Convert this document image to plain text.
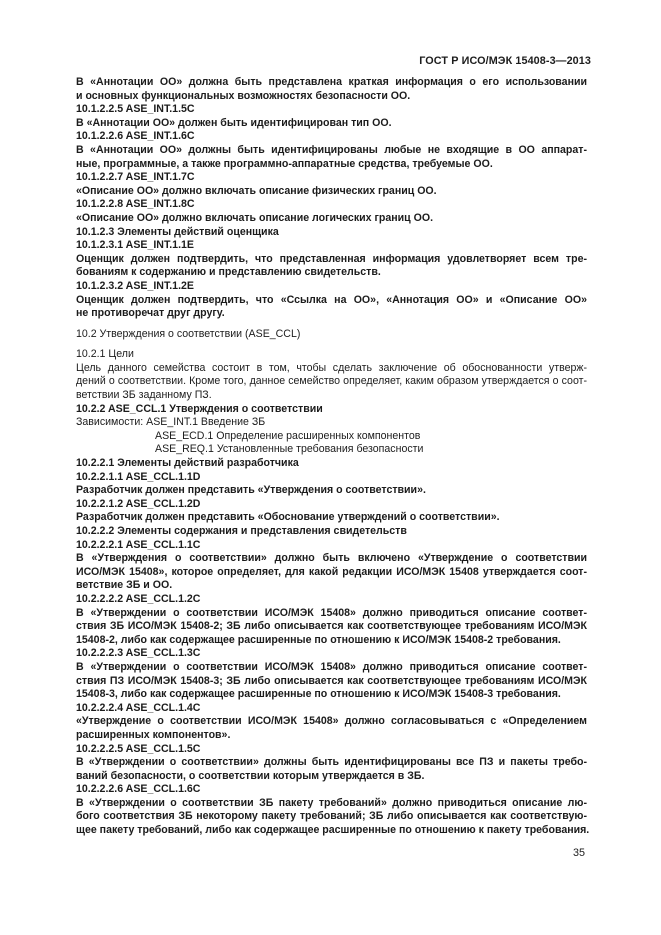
ГОСТ Р ИСО/МЭК 15408-3—2013
В «Аннотации ОО» должна быть представлена краткая информация о его использовании
и основных функциональных возможностях безопасности ОО.
10.1.2.2.5 ASE_INT.1.5C
В «Аннотации ОО» должен быть идентифицирован тип ОО.
10.1.2.2.6 ASE_INT.1.6C
В «Аннотации ОО» должны быть идентифицированы любые не входящие в ОО аппарат-
ные, программные, а также программно-аппаратные средства, требуемые ОО.
10.1.2.2.7 ASE_INT.1.7C
«Описание ОО» должно включать описание физических границ ОО.
10.1.2.2.8 ASE_INT.1.8C
«Описание ОО» должно включать описание логических границ ОО.
10.1.2.3 Элементы действий оценщика
10.1.2.3.1 ASE_INT.1.1E
Оценщик должен подтвердить, что представленная информация удовлетворяет всем тре-
бованиям к содержанию и представлению свидетельств.
10.1.2.3.2 ASE_INT.1.2E
Оценщик должен подтвердить, что «Ссылка на ОО», «Аннотация ОО» и «Описание ОО»
не противоречат друг другу.
10.2 Утверждения о соответствии (ASE_CCL)
10.2.1 Цели
Цель данного семейства состоит в том, чтобы сделать заключение об обоснованности утверж-
дений о соответствии. Кроме того, данное семейство определяет, каким образом утверждается о соот-
ветствии ЗБ заданному ПЗ.
10.2.2 ASE_CCL.1 Утверждения о соответствии
Зависимости: ASE_INT.1 Введение ЗБ
ASE_ECD.1 Определение расширенных компонентов
ASE_REQ.1 Установленные требования безопасности
10.2.2.1 Элементы действий разработчика
10.2.2.1.1 ASE_CCL.1.1D
Разработчик должен представить «Утверждения о соответствии».
10.2.2.1.2 ASE_CCL.1.2D
Разработчик должен представить «Обоснование утверждений о соответствии».
10.2.2.2 Элементы содержания и представления свидетельств
10.2.2.2.1 ASE_CCL.1.1C
В «Утверждения о соответствии» должно быть включено «Утверждение о соответствии
ИСО/МЭК 15408», которое определяет, для какой редакции ИСО/МЭК 15408 утверждается соот-
ветствие ЗБ и ОО.
10.2.2.2.2 ASE_CCL.1.2C
В «Утверждении о соответствии ИСО/МЭК 15408» должно приводиться описание соответ-
ствия ЗБ ИСО/МЭК 15408-2; ЗБ либо описывается как соответствующее требованиям ИСО/МЭК
15408-2, либо как содержащее расширенные по отношению к ИСО/МЭК 15408-2 требования.
10.2.2.2.3 ASE_CCL.1.3C
В «Утверждении о соответствии ИСО/МЭК 15408» должно приводиться описание соответ-
ствия ПЗ ИСО/МЭК 15408-3; ЗБ либо описывается как соответствующее требованиям ИСО/МЭК
15408-3, либо как содержащее расширенные по отношению к ИСО/МЭК 15408-3 требования.
10.2.2.2.4 ASE_CCL.1.4C
«Утверждение о соответствии ИСО/МЭК 15408» должно согласовываться с «Определением
расширенных компонентов».
10.2.2.2.5 ASE_CCL.1.5C
В «Утверждении о соответствии» должны быть идентифицированы все ПЗ и пакеты требо-
ваний безопасности, о соответствии которым утверждается в ЗБ.
10.2.2.2.6 ASE_CCL.1.6C
В «Утверждении о соответствии ЗБ пакету требований» должно приводиться описание лю-
бого соответствия ЗБ некоторому пакету требований; ЗБ либо описывается как соответствую-
щее пакету требований, либо как содержащее расширенные по отношению к пакету требования.
35
